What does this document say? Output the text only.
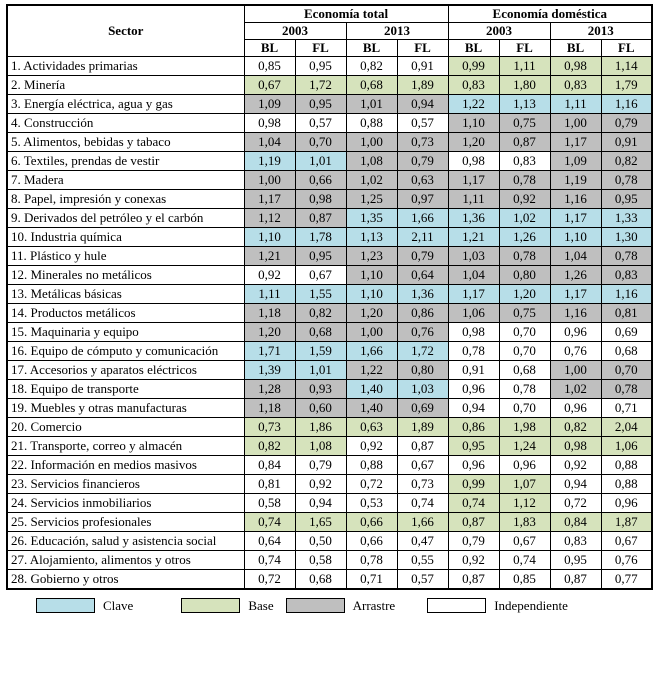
Sector	Economía total				Economía doméstica			
	2003		2013		2003		2013	
	BL	FL	BL	FL	BL	FL	BL	FL
1. Actividades primarias	0,85	0,95	0,82	0,91	0,99	1,11	0,98	1,14
2. Minería	0,67	1,72	0,68	1,89	0,83	1,80	0,83	1,79
3. Energía eléctrica, agua y gas	1,09	0,95	1,01	0,94	1,22	1,13	1,11	1,16
4. Construcción	0,98	0,57	0,88	0,57	1,10	0,75	1,00	0,79
5. Alimentos, bebidas y tabaco	1,04	0,70	1,00	0,73	1,20	0,87	1,17	0,91
6. Textiles, prendas de vestir	1,19	1,01	1,08	0,79	0,98	0,83	1,09	0,82
7. Madera	1,00	0,66	1,02	0,63	1,17	0,78	1,19	0,78
8. Papel, impresión y conexas	1,17	0,98	1,25	0,97	1,11	0,92	1,16	0,95
9. Derivados del petróleo y el carbón	1,12	0,87	1,35	1,66	1,36	1,02	1,17	1,33
10. Industria química	1,10	1,78	1,13	2,11	1,21	1,26	1,10	1,30
11. Plástico y hule	1,21	0,95	1,23	0,79	1,03	0,78	1,04	0,78
12. Minerales no metálicos	0,92	0,67	1,10	0,64	1,04	0,80	1,26	0,83
13. Metálicas básicas	1,11	1,55	1,10	1,36	1,17	1,20	1,17	1,16
14. Productos metálicos	1,18	0,82	1,20	0,86	1,06	0,75	1,16	0,81
15. Maquinaria y equipo	1,20	0,68	1,00	0,76	0,98	0,70	0,96	0,69
16. Equipo de cómputo y comunicación	1,71	1,59	1,66	1,72	0,78	0,70	0,76	0,68
17. Accesorios y aparatos eléctricos	1,39	1,01	1,22	0,80	0,91	0,68	1,00	0,70
18. Equipo de transporte	1,28	0,93	1,40	1,03	0,96	0,78	1,02	0,78
19. Muebles y otras manufacturas	1,18	0,60	1,40	0,69	0,94	0,70	0,96	0,71
20. Comercio	0,73	1,86	0,63	1,89	0,86	1,98	0,82	2,04
21. Transporte, correo y almacén	0,82	1,08	0,92	0,87	0,95	1,24	0,98	1,06
22. Información en medios masivos	0,84	0,79	0,88	0,67	0,96	0,96	0,92	0,88
23. Servicios financieros	0,81	0,92	0,72	0,73	0,99	1,07	0,94	0,88
24. Servicios inmobiliarios	0,58	0,94	0,53	0,74	0,74	1,12	0,72	0,96
25. Servicios profesionales	0,74	1,65	0,66	1,66	0,87	1,83	0,84	1,87
26. Educación, salud y asistencia social	0,64	0,50	0,66	0,47	0,79	0,67	0,83	0,67
27. Alojamiento, alimentos y otros	0,74	0,58	0,78	0,55	0,92	0,74	0,95	0,76
28. Gobierno y otros	0,72	0,68	0,71	0,57	0,87	0,85	0,87	0,77
Clave	Base	Arrastre	Independiente
